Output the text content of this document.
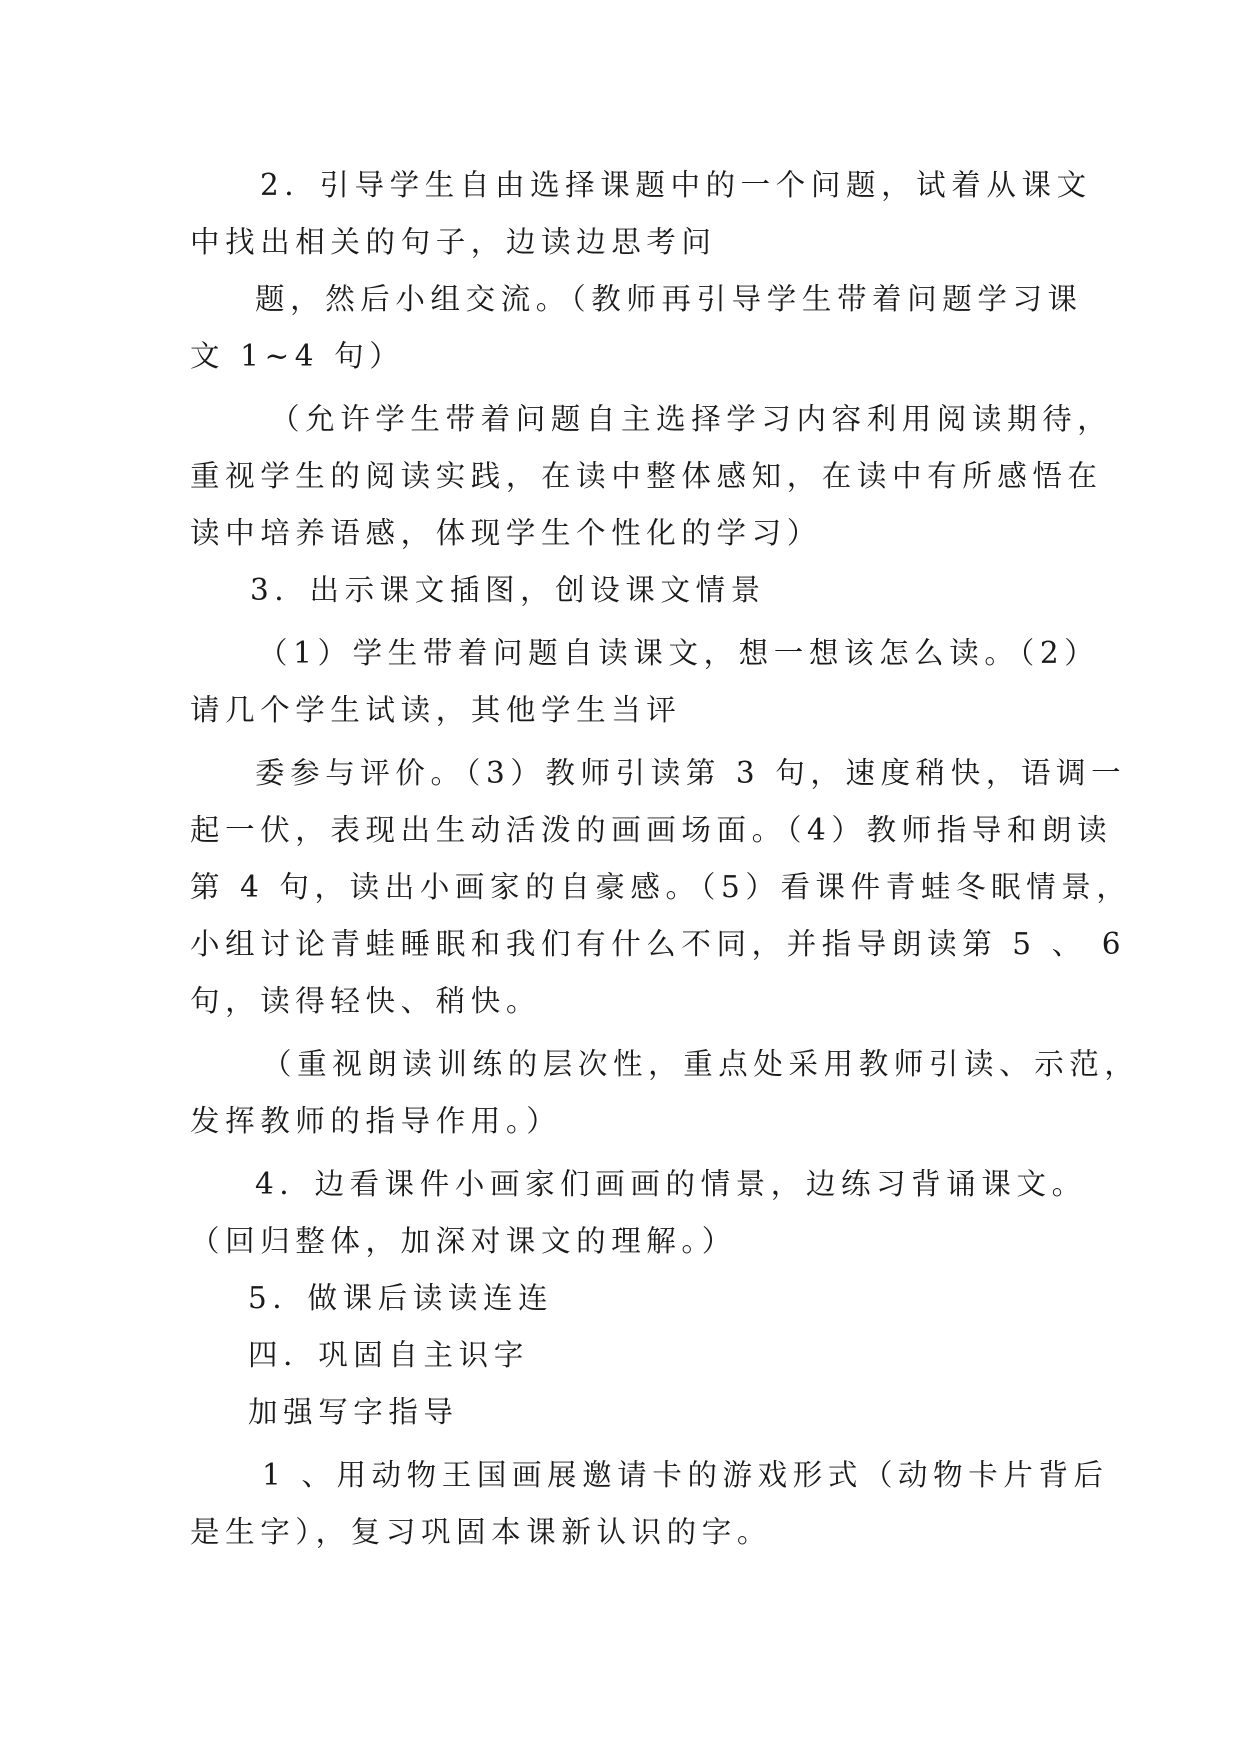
2．引导学生自由选择课题中的一个问题，试着从课文
中找出相关的句子，边读边思考问
题，然后小组交流。（教师再引导学生带着问题学习课
文 1~4 句）
（允许学生带着问题自主选择学习内容利用阅读期待，
重视学生的阅读实践，在读中整体感知，在读中有所感悟在
读中培养语感，体现学生个性化的学习）
3．出示课文插图，创设课文情景
（1）学生带着问题自读课文，想一想该怎么读。（2）
请几个学生试读，其他学生当评
委参与评价。（3）教师引读第 3 句，速度稍快，语调一
起一伏，表现出生动活泼的画画场面。（4）教师指导和朗读
第 4 句，读出小画家的自豪感。（5）看课件青蛙冬眠情景，
小组讨论青蛙睡眠和我们有什么不同，并指导朗读第 5 、 6
句，读得轻快、稍快。
（重视朗读训练的层次性，重点处采用教师引读、示范，
发挥教师的指导作用。）
4．边看课件小画家们画画的情景，边练习背诵课文。
（回归整体，加深对课文的理解。）
5．做课后读读连连
四．巩固自主识字
加强写字指导
1 、用动物王国画展邀请卡的游戏形式（动物卡片背后
是生字），复习巩固本课新认识的字。
